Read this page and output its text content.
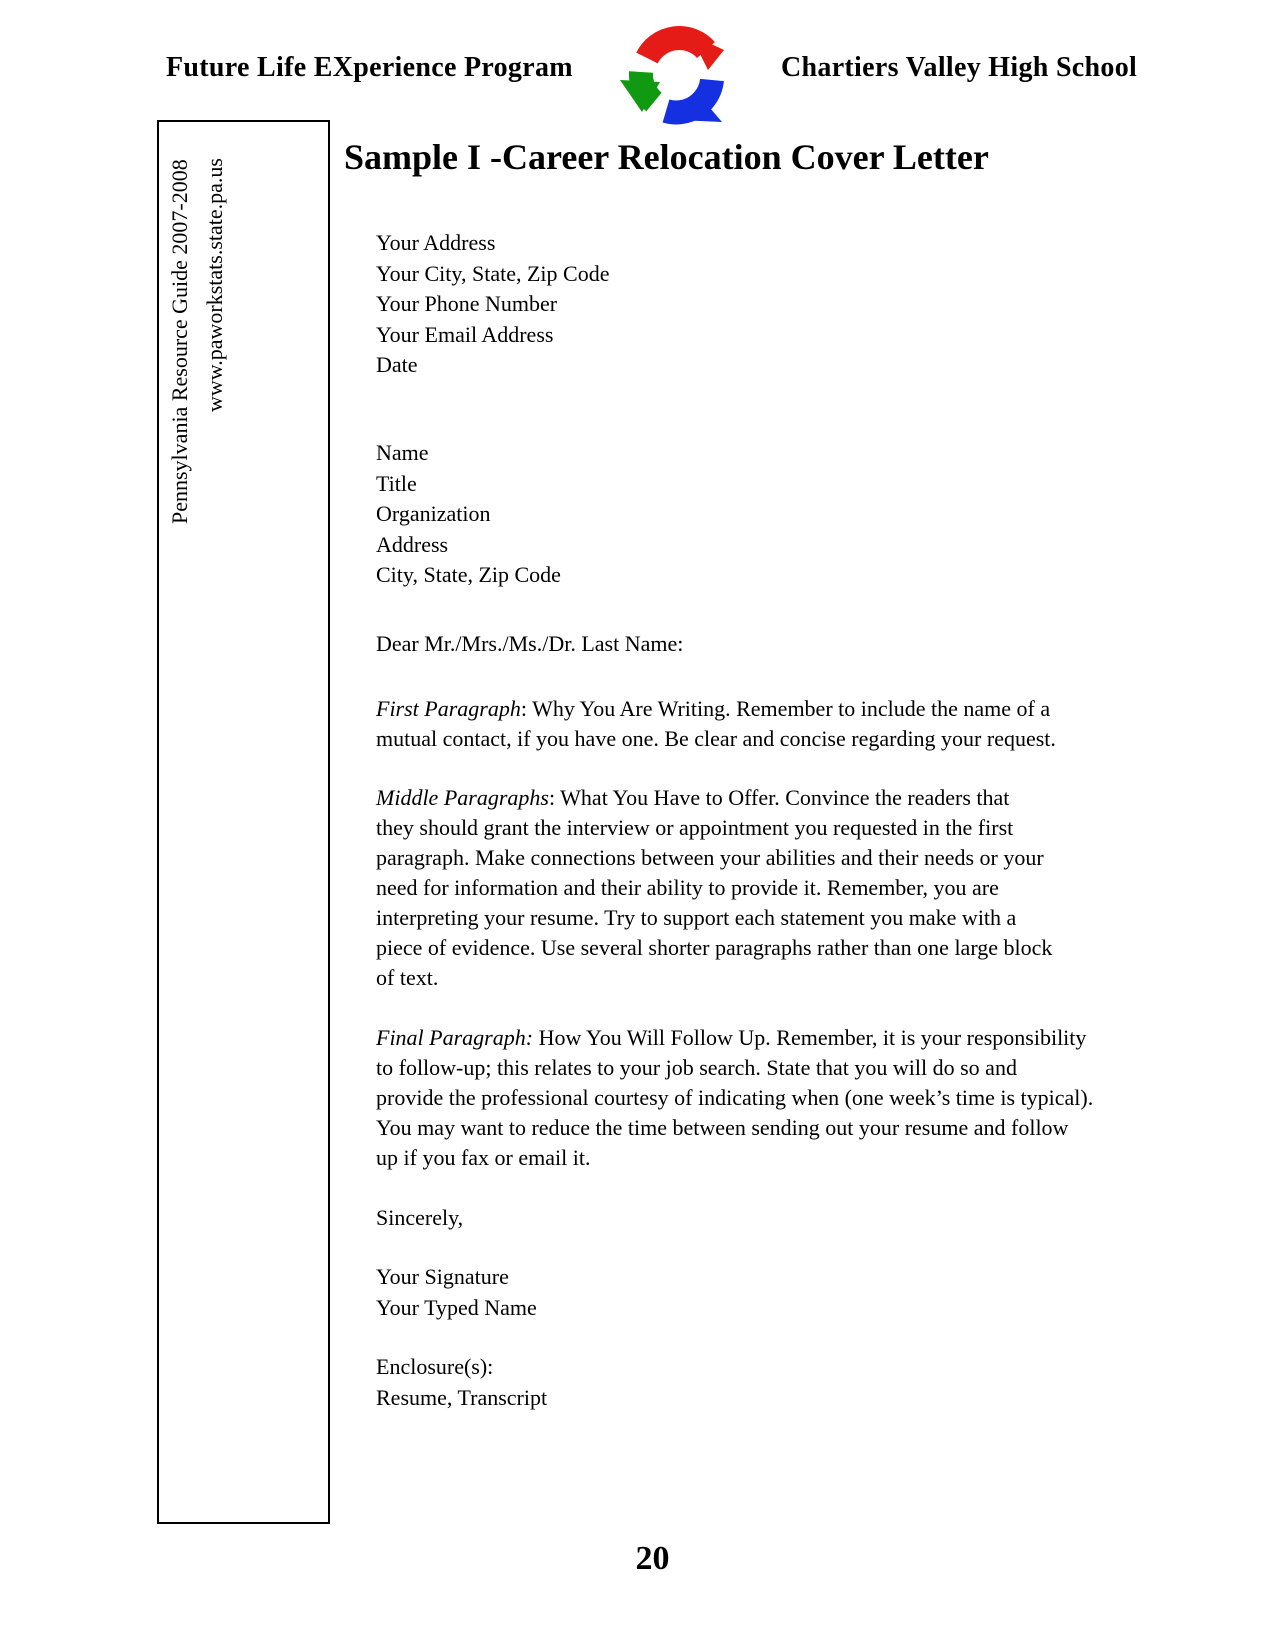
Future Life EXperience Program	Chartiers Valley High School
Pennsylvania Resource Guide 2007-2008 www.paworkstats.state.pa.us
Sample I -Career Relocation Cover Letter
Your Address
Your City, State, Zip Code
Your Phone Number
Your Email Address
Date
Name
Title
Organization
Address
City, State, Zip Code
Dear Mr./Mrs./Ms./Dr. Last Name:
First Paragraph: Why You Are Writing. Remember to include the name of a
mutual contact, if you have one. Be clear and concise regarding your request.
Middle Paragraphs: What You Have to Offer. Convince the readers that
they should grant the interview or appointment you requested in the first
paragraph. Make connections between your abilities and their needs or your
need for information and their ability to provide it. Remember, you are
interpreting your resume. Try to support each statement you make with a
piece of evidence. Use several shorter paragraphs rather than one large block
of text.
Final Paragraph: How You Will Follow Up. Remember, it is your responsibility
to follow-up; this relates to your job search. State that you will do so and
provide the professional courtesy of indicating when (one week’s time is typical).
You may want to reduce the time between sending out your resume and follow
up if you fax or email it.
Sincerely,
Your Signature
Your Typed Name
Enclosure(s):
Resume, Transcript
20
